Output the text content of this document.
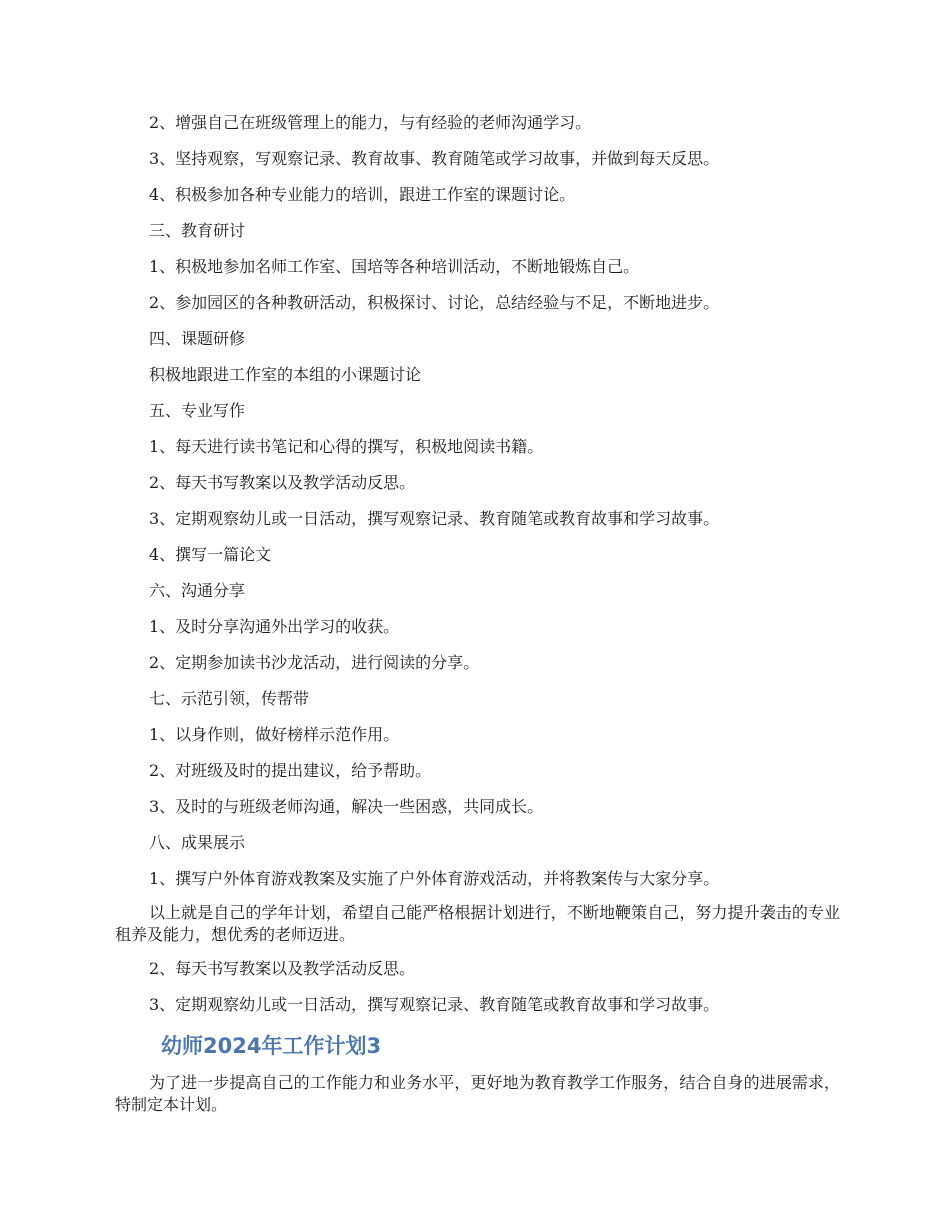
2、增强自己在班级管理上的能力，与有经验的老师沟通学习。

3、坚持观察，写观察记录、教育故事、教育随笔或学习故事，并做到每天反思。

4、积极参加各种专业能力的培训，跟进工作室的课题讨论。

三、教育研讨

1、积极地参加名师工作室、国培等各种培训活动，不断地锻炼自己。

2、参加园区的各种教研活动，积极探讨、讨论，总结经验与不足，不断地进步。

四、课题研修

积极地跟进工作室的本组的小课题讨论

五、专业写作

1、每天进行读书笔记和心得的撰写，积极地阅读书籍。

2、每天书写教案以及教学活动反思。

3、定期观察幼儿或一日活动，撰写观察记录、教育随笔或教育故事和学习故事。

4、撰写一篇论文

六、沟通分享

1、及时分享沟通外出学习的收获。

2、定期参加读书沙龙活动，进行阅读的分享。

七、示范引领，传帮带

1、以身作则，做好榜样示范作用。

2、对班级及时的提出建议，给予帮助。

3、及时的与班级老师沟通，解决一些困惑，共同成长。

八、成果展示

1、撰写户外体育游戏教案及实施了户外体育游戏活动，并将教案传与大家分享。

以上就是自己的学年计划，希望自己能严格根据计划进行，不断地鞭策自己，努力提升袭击的专业租养及能力，想优秀的老师迈进。

2、每天书写教案以及教学活动反思。

3、定期观察幼儿或一日活动，撰写观察记录、教育随笔或教育故事和学习故事。

幼师2024年工作计划3

为了进一步提高自己的工作能力和业务水平，更好地为教育教学工作服务，结合自身的进展需求，特制定本计划。
